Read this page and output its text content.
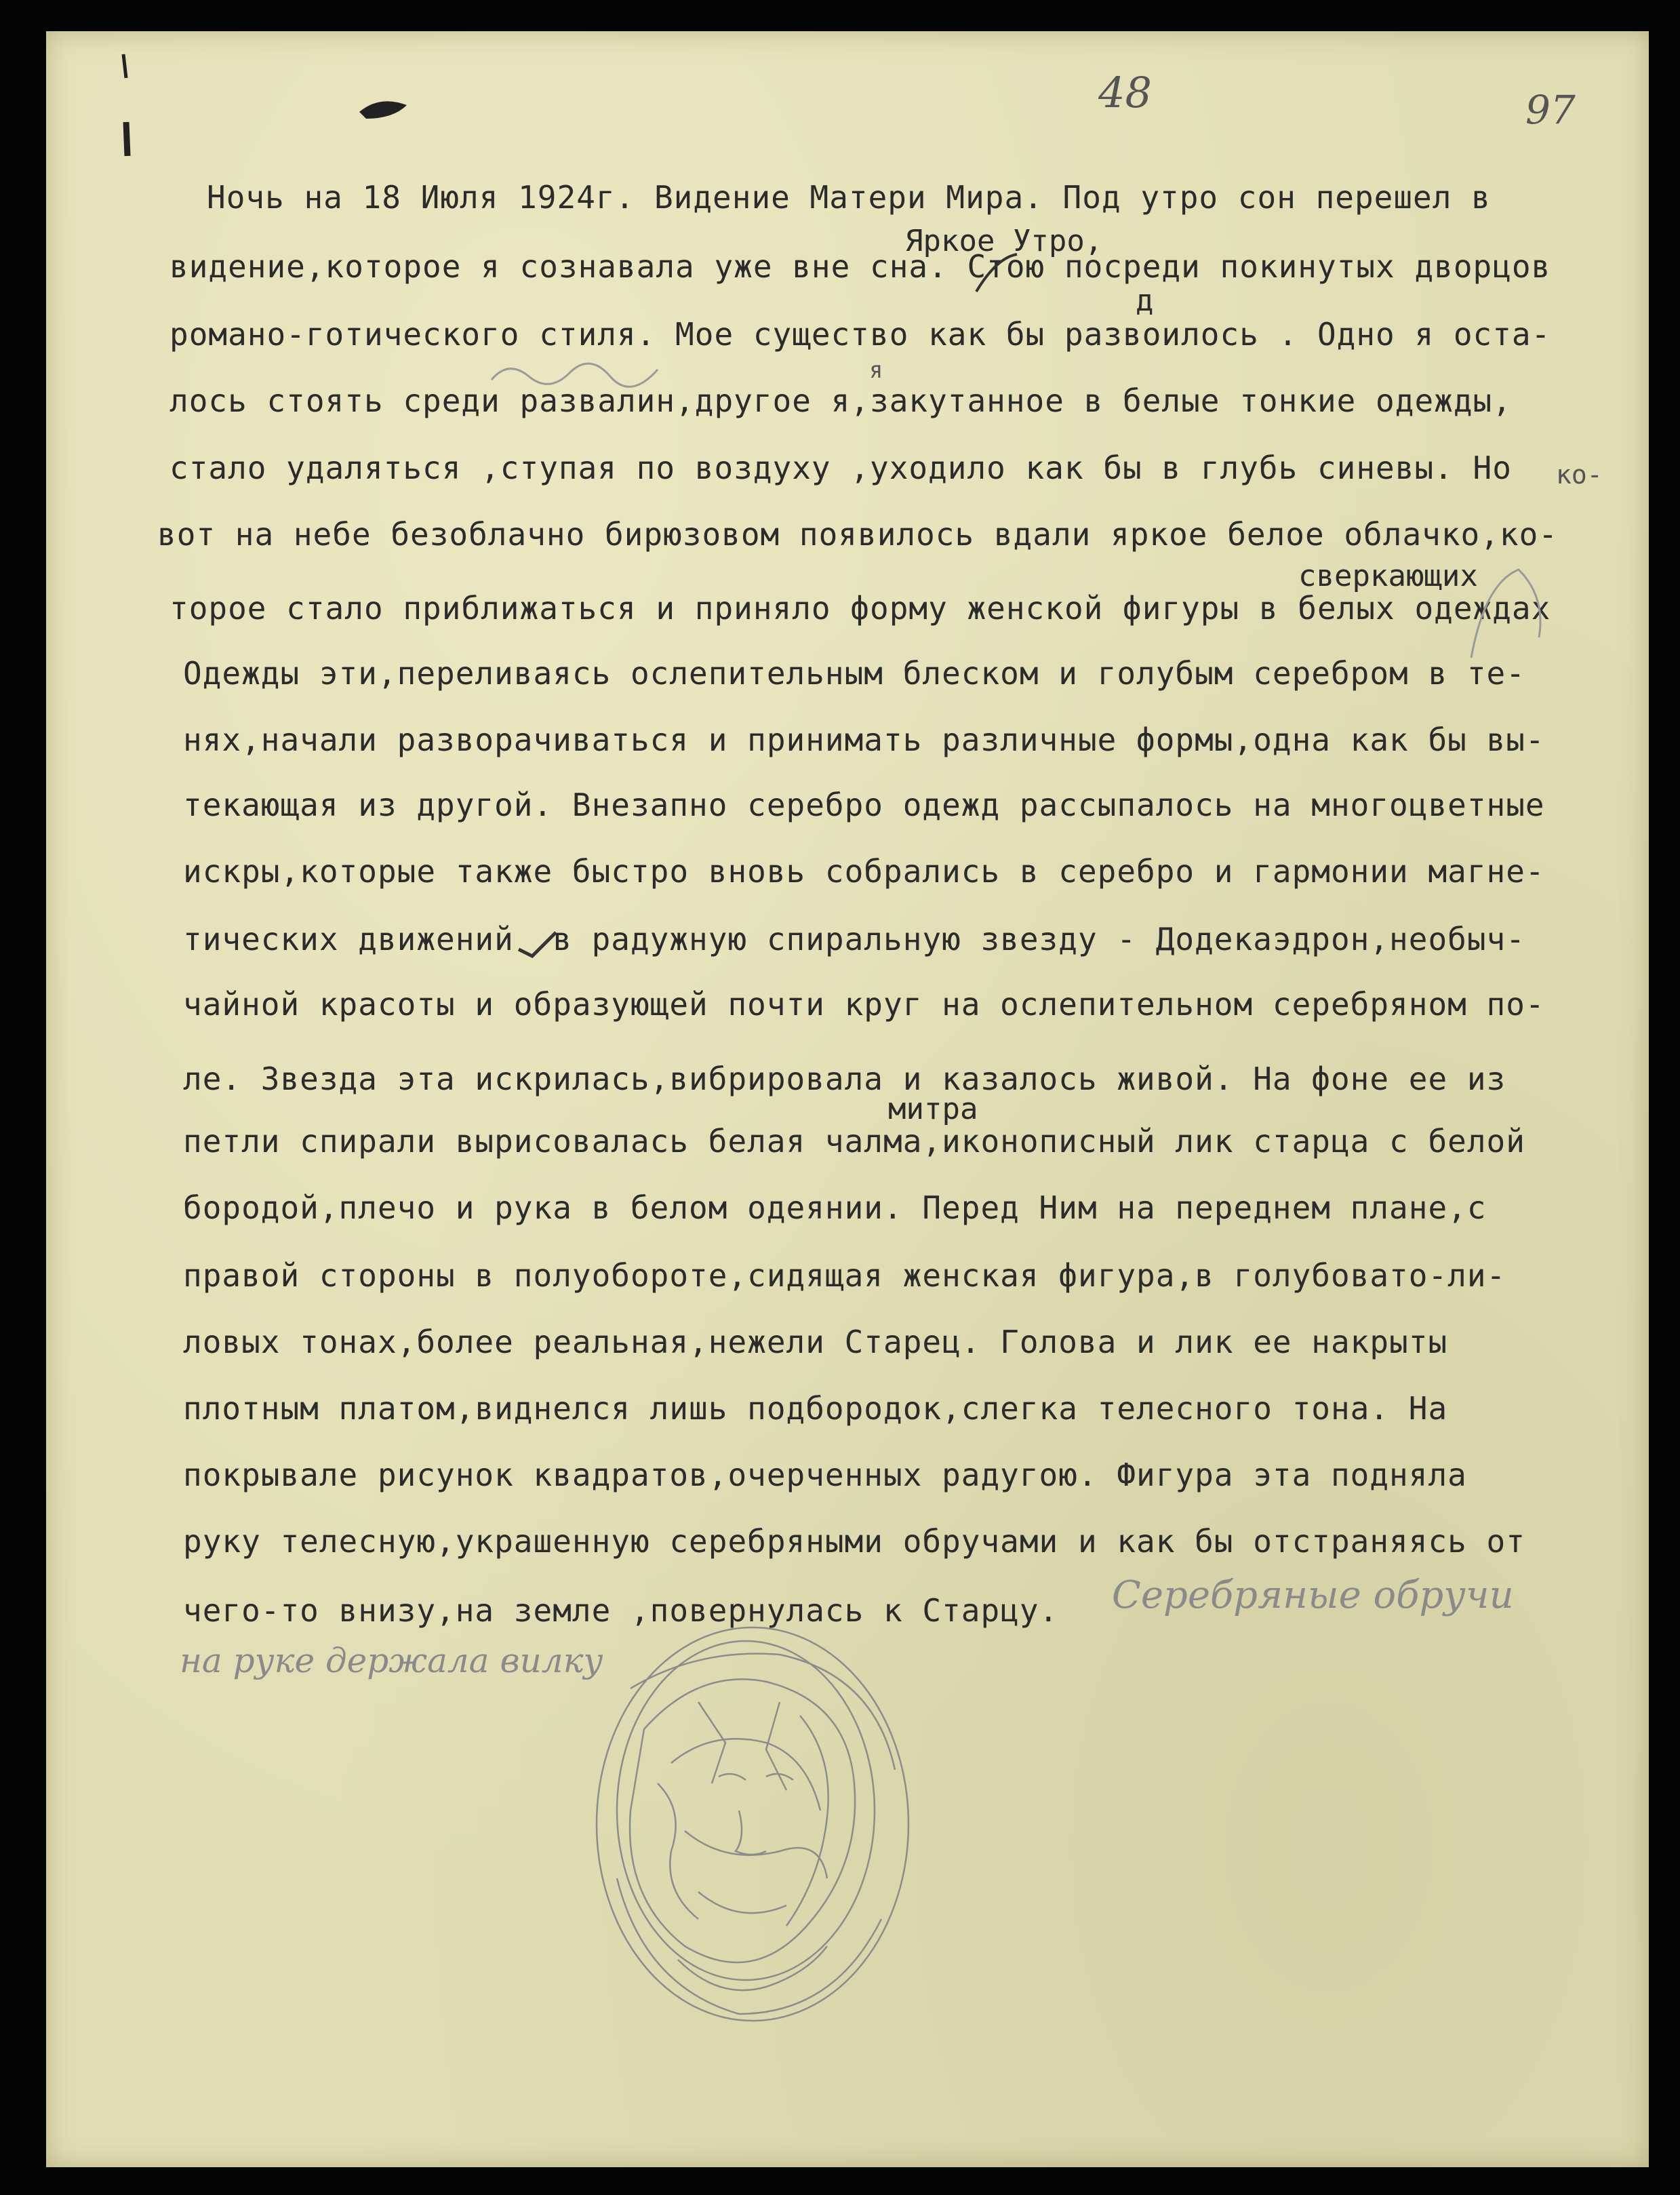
48	97
Ночь на 18 Июля 1924г. Видение Матери Мира. Под утро сон перешел в
видение,которое я сознавала уже вне сна. Стою посреди покинутых дворцов
романо-готического стиля. Мое существо как бы развоилось . Одно я оста-
лось стоять среди развалин,другое я,закутанное в белые тонкие одежды,
стало удаляться ,ступая по воздуху ,уходило как бы в глубь синевы. Но
вот на небе безоблачно бирюзовом появилось вдали яркое белое облачко,ко-
торое стало приближаться и приняло форму женской фигуры в белых одеждах
Одежды эти,переливаясь ослепительным блеском и голубым серебром в те-
нях,начали разворачиваться и принимать различные формы,одна как бы вы-
текающая из другой. Внезапно серебро одежд рассыпалось на многоцветные
искры,которые также быстро вновь собрались в серебро и гармонии магне-
тических движений  в радужную спиральную звезду - Додекаэдрон,необыч-
чайной красоты и образующей почти круг на ослепительном серебряном по-
ле. Звезда эта искрилась,вибрировала и казалось живой. На фоне ее из
петли спирали вырисовалась белая чалма,иконописный лик старца с белой
бородой,плечо и рука в белом одеянии. Перед Ним на переднем плане,с
правой стороны в полуобороте,сидящая женская фигура,в голубовато-ли-
ловых тонах,более реальная,нежели Старец. Голова и лик ее накрыты
плотным платом,виднелся лишь подбородок,слегка телесного тона. На
покрывале рисунок квадратов,очерченных радугою. Фигура эта подняла
руку телесную,украшенную серебряными обручами и как бы отстраняясь от
чего-то внизу,на земле ,повернулась к Старцу.
Яркое Утро,
д
я
сверкающих
митра
ко-
Серебряные обручи
на руке держала вилку
